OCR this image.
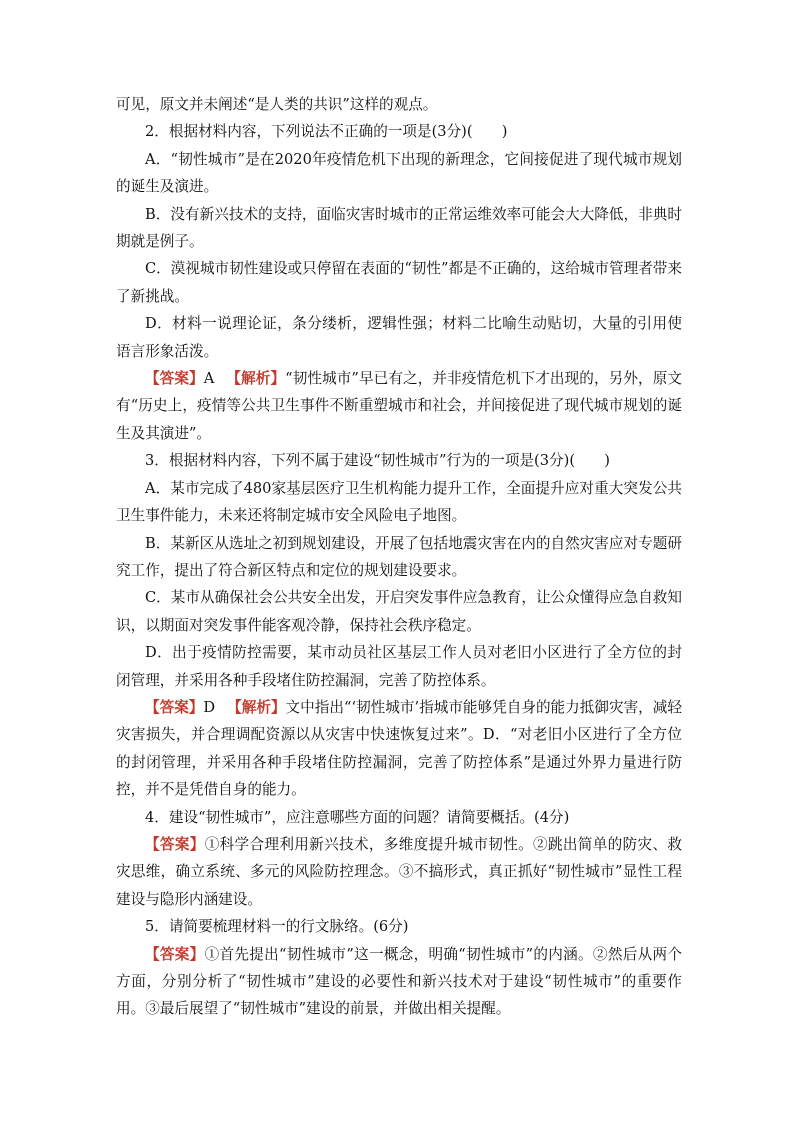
可见，原文并未阐述“是人类的共识”这样的观点。

2．根据材料内容，下列说法不正确的一项是(3分)(　　)

A．“韧性城市”是在2020年疫情危机下出现的新理念，它间接促进了现代城市规划的诞生及演进。

B．没有新兴技术的支持，面临灾害时城市的正常运维效率可能会大大降低，非典时期就是例子。

C．漠视城市韧性建设或只停留在表面的“韧性”都是不正确的，这给城市管理者带来了新挑战。

D．材料一说理论证，条分缕析，逻辑性强；材料二比喻生动贴切，大量的引用使语言形象活泼。

【答案】A 【解析】“韧性城市”早已有之，并非疫情危机下才出现的，另外，原文有“历史上，疫情等公共卫生事件不断重塑城市和社会，并间接促进了现代城市规划的诞生及其演进”。

3．根据材料内容，下列不属于建设“韧性城市”行为的一项是(3分)(　　)

A．某市完成了480家基层医疗卫生机构能力提升工作，全面提升应对重大突发公共卫生事件能力，未来还将制定城市安全风险电子地图。

B．某新区从选址之初到规划建设，开展了包括地震灾害在内的自然灾害应对专题研究工作，提出了符合新区特点和定位的规划建设要求。

C．某市从确保社会公共安全出发，开启突发事件应急教育，让公众懂得应急自救知识，以期面对突发事件能客观冷静，保持社会秩序稳定。

D．出于疫情防控需要，某市动员社区基层工作人员对老旧小区进行了全方位的封闭管理，并采用各种手段堵住防控漏洞，完善了防控体系。

【答案】D 【解析】文中指出“‘韧性城市’指城市能够凭自身的能力抵御灾害，减轻灾害损失，并合理调配资源以从灾害中快速恢复过来”。D．“对老旧小区进行了全方位的封闭管理，并采用各种手段堵住防控漏洞，完善了防控体系”是通过外界力量进行防控，并不是凭借自身的能力。

4．建设“韧性城市”，应注意哪些方面的问题？请简要概括。(4分)

【答案】①科学合理利用新兴技术，多维度提升城市韧性。②跳出简单的防灾、救灾思维，确立系统、多元的风险防控理念。③不搞形式，真正抓好“韧性城市”显性工程建设与隐形内涵建设。

5．请简要梳理材料一的行文脉络。(6分)

【答案】①首先提出“韧性城市”这一概念，明确“韧性城市”的内涵。②然后从两个方面，分别分析了“韧性城市”建设的必要性和新兴技术对于建设“韧性城市”的重要作用。③最后展望了“韧性城市”建设的前景，并做出相关提醒。
